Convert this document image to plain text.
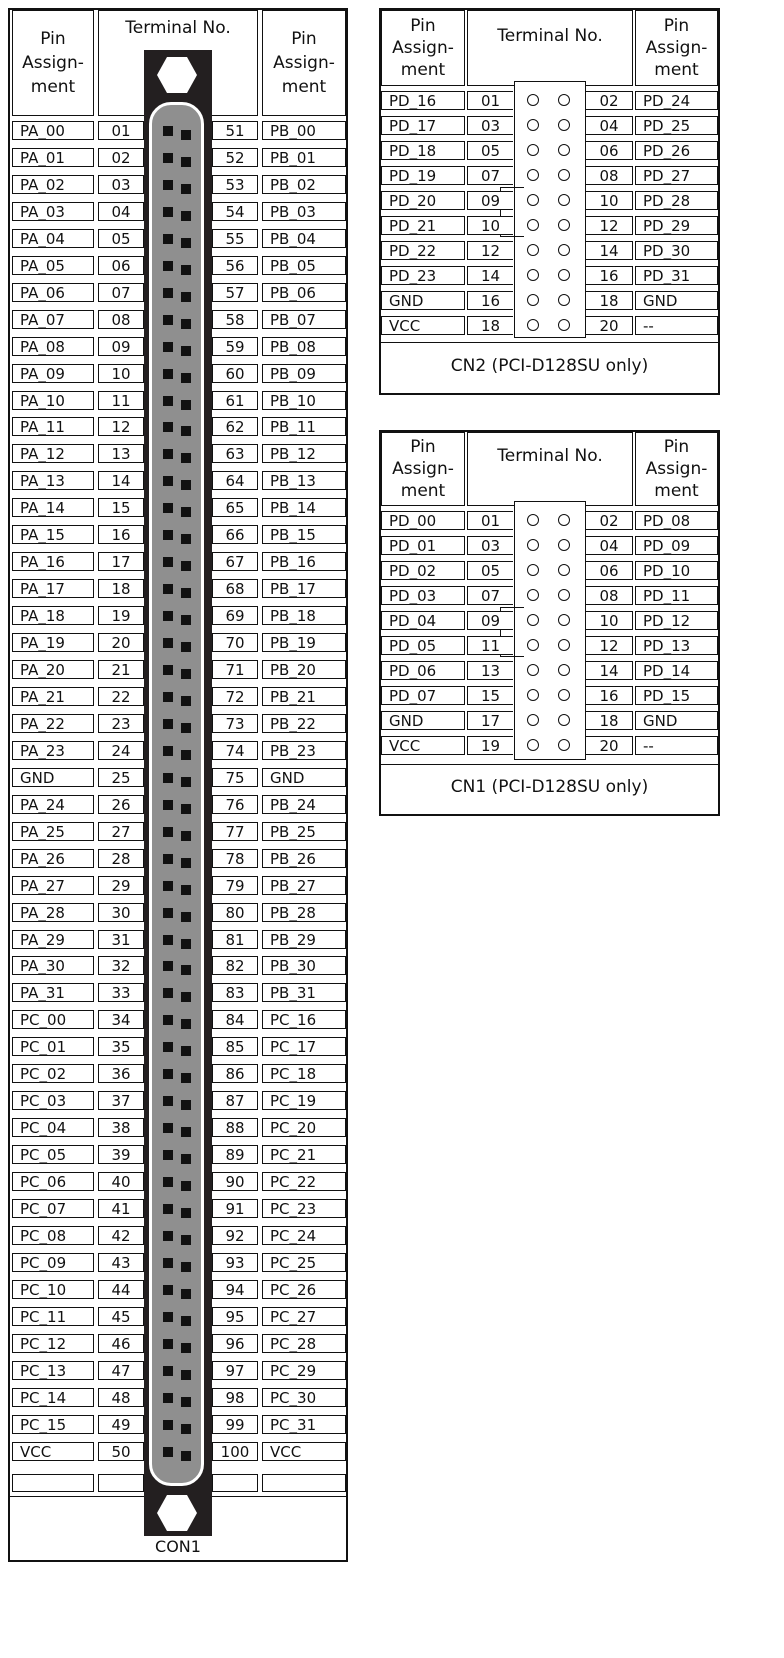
Pin
Assign-
ment
Terminal No.
Pin
Assign-
ment
PA_00	01	51	PB_00
PA_01	02	52	PB_01
PA_02	03	53	PB_02
PA_03	04	54	PB_03
PA_04	05	55	PB_04
PA_05	06	56	PB_05
PA_06	07	57	PB_06
PA_07	08	58	PB_07
PA_08	09	59	PB_08
PA_09	10	60	PB_09
PA_10	11	61	PB_10
PA_11	12	62	PB_11
PA_12	13	63	PB_12
PA_13	14	64	PB_13
PA_14	15	65	PB_14
PA_15	16	66	PB_15
PA_16	17	67	PB_16
PA_17	18	68	PB_17
PA_18	19	69	PB_18
PA_19	20	70	PB_19
PA_20	21	71	PB_20
PA_21	22	72	PB_21
PA_22	23	73	PB_22
PA_23	24	74	PB_23
GND	25	75	GND
PA_24	26	76	PB_24
PA_25	27	77	PB_25
PA_26	28	78	PB_26
PA_27	29	79	PB_27
PA_28	30	80	PB_28
PA_29	31	81	PB_29
PA_30	32	82	PB_30
PA_31	33	83	PB_31
PC_00	34	84	PC_16
PC_01	35	85	PC_17
PC_02	36	86	PC_18
PC_03	37	87	PC_19
PC_04	38	88	PC_20
PC_05	39	89	PC_21
PC_06	40	90	PC_22
PC_07	41	91	PC_23
PC_08	42	92	PC_24
PC_09	43	93	PC_25
PC_10	44	94	PC_26
PC_11	45	95	PC_27
PC_12	46	96	PC_28
PC_13	47	97	PC_29
PC_14	48	98	PC_30
PC_15	49	99	PC_31
VCC	50	100	VCC
CON1
Pin
Assign-
ment
Terminal No.	Pin
Assign-
ment
PD_16	01	02	PD_24
PD_17	03	04	PD_25
PD_18	05	06	PD_26
PD_19	07	08	PD_27
PD_20	09	10	PD_28
PD_21	10	12	PD_29
PD_22	12	14	PD_30
PD_23	14	16	PD_31
GND	16	18	GND
VCC	18	20	--
CN2 (PCI-D128SU only)
Pin
Assign-
ment
Terminal No.	Pin
Assign-
ment
PD_00	01	02	PD_08
PD_01	03	04	PD_09
PD_02	05	06	PD_10
PD_03	07	08	PD_11
PD_04	09	10	PD_12
PD_05	11	12	PD_13
PD_06	13	14	PD_14
PD_07	15	16	PD_15
GND	17	18	GND
VCC	19	20	--
CN1 (PCI-D128SU only)
